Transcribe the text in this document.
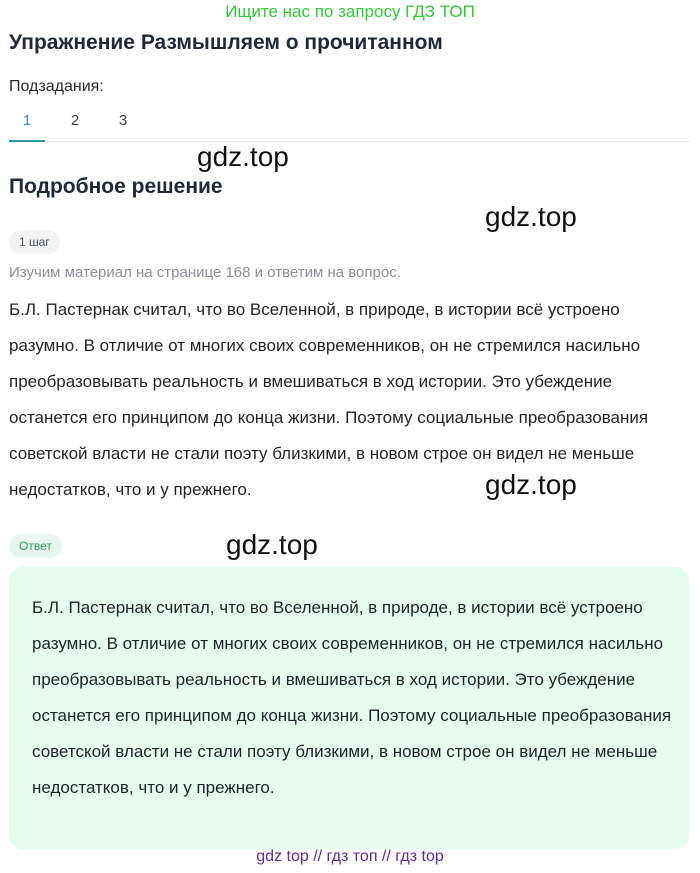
Ищите нас по запросу ГДЗ ТОП
Упражнение Размышляем о прочитанном
Подзадания:
1	2	3
gdz.top
gdz.top
gdz.top
gdz.top
Подробное решение
1 шаг
Изучим материал на странице 168 и ответим на вопрос.
Б.Л. Пастернак считал, что во Вселенной, в природе, в истории всё устроено разумно. В отличие от многих своих современников, он не стремился насильно преобразовывать реальность и вмешиваться в ход истории. Это убеждение останется его принципом до конца жизни. Поэтому социальные преобразования советской власти не стали поэту близкими, в новом строе он видел не меньше недостатков, что и у прежнего.
Ответ
Б.Л. Пастернак считал, что во Вселенной, в природе, в истории всё устроено разумно. В отличие от многих своих современников, он не стремился насильно преобразовывать реальность и вмешиваться в ход истории. Это убеждение останется его принципом до конца жизни. Поэтому социальные преобразования советской власти не стали поэту близкими, в новом строе он видел не меньше недостатков, что и у прежнего.
gdz top // гдз топ // гдз top
